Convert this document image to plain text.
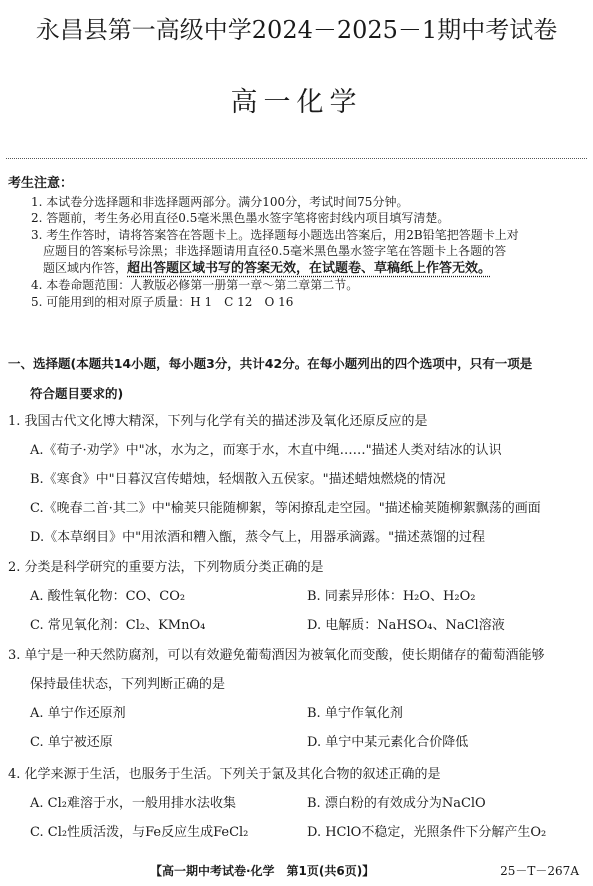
永昌县第一高级中学2024－2025－1期中考试卷
高一化学
考生注意：
1. 本试卷分选择题和非选择题两部分。满分100分，考试时间75分钟。
2. 答题前，考生务必用直径0.5毫米黑色墨水签字笔将密封线内项目填写清楚。
3. 考生作答时，请将答案答在答题卡上。选择题每小题选出答案后，用2B铅笔把答题卡上对
应题目的答案标号涂黑；非选择题请用直径0.5毫米黑色墨水签字笔在答题卡上各题的答
题区域内作答，超出答题区域书写的答案无效，在试题卷、草稿纸上作答无效。
4. 本卷命题范围：人教版必修第一册第一章～第二章第二节。
5. 可能用到的相对原子质量：H 1　C 12　O 16
一、选择题(本题共14小题，每小题3分，共计42分。在每小题列出的四个选项中，只有一项是
符合题目要求的)
1. 我国古代文化博大精深，下列与化学有关的描述涉及氧化还原反应的是
A.《荀子·劝学》中"冰，水为之，而寒于水，木直中绳……"描述人类对结冰的认识
B.《寒食》中"日暮汉宫传蜡烛，轻烟散入五侯家。"描述蜡烛燃烧的情况
C.《晚春二首·其二》中"榆荚只能随柳絮，等闲撩乱走空园。"描述榆荚随柳絮飘荡的画面
D.《本草纲目》中"用浓酒和糟入甑，蒸令气上，用器承滴露。"描述蒸馏的过程
2. 分类是科学研究的重要方法，下列物质分类正确的是
A. 酸性氧化物：CO、CO₂	B. 同素异形体：H₂O、H₂O₂
C. 常见氧化剂：Cl₂、KMnO₄	D. 电解质：NaHSO₄、NaCl溶液
3. 单宁是一种天然防腐剂，可以有效避免葡萄酒因为被氧化而变酸，使长期储存的葡萄酒能够
保持最佳状态，下列判断正确的是
A. 单宁作还原剂	B. 单宁作氧化剂
C. 单宁被还原	D. 单宁中某元素化合价降低
4. 化学来源于生活，也服务于生活。下列关于氯及其化合物的叙述正确的是
A. Cl₂难溶于水，一般用排水法收集	B. 漂白粉的有效成分为NaClO
C. Cl₂性质活泼，与Fe反应生成FeCl₂	D. HClO不稳定，光照条件下分解产生O₂
【高一期中考试卷·化学　第1页(共6页)】	25－T－267A
